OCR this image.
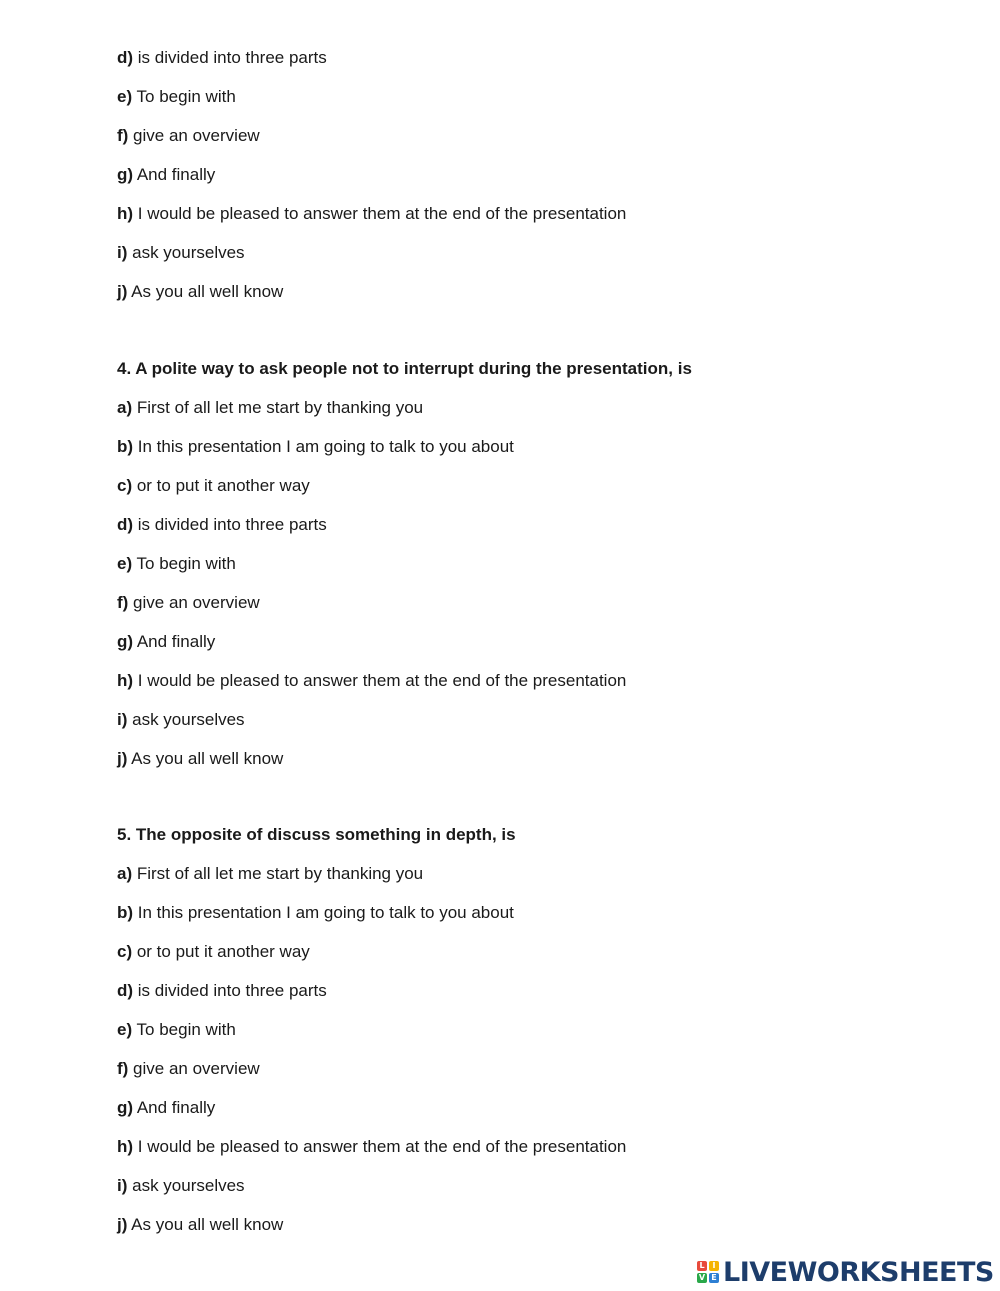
d) is divided into three parts
e) To begin with
f) give an overview
g) And finally
h) I would be pleased to answer them at the end of the presentation
i) ask yourselves
j) As you all well know
4. A polite way to ask people not to interrupt during the presentation, is
a) First of all let me start by thanking you
b) In this presentation I am going to talk to you about
c) or to put it another way
d) is divided into three parts
e) To begin with
f) give an overview
g) And finally
h) I would be pleased to answer them at the end of the presentation
i) ask yourselves
j) As you all well know
5. The opposite of discuss something in depth, is
a) First of all let me start by thanking you
b) In this presentation I am going to talk to you about
c) or to put it another way
d) is divided into three parts
e) To begin with
f) give an overview
g) And finally
h) I would be pleased to answer them at the end of the presentation
i) ask yourselves
j) As you all well know
L I
V E LIVEWORKSHEETS
